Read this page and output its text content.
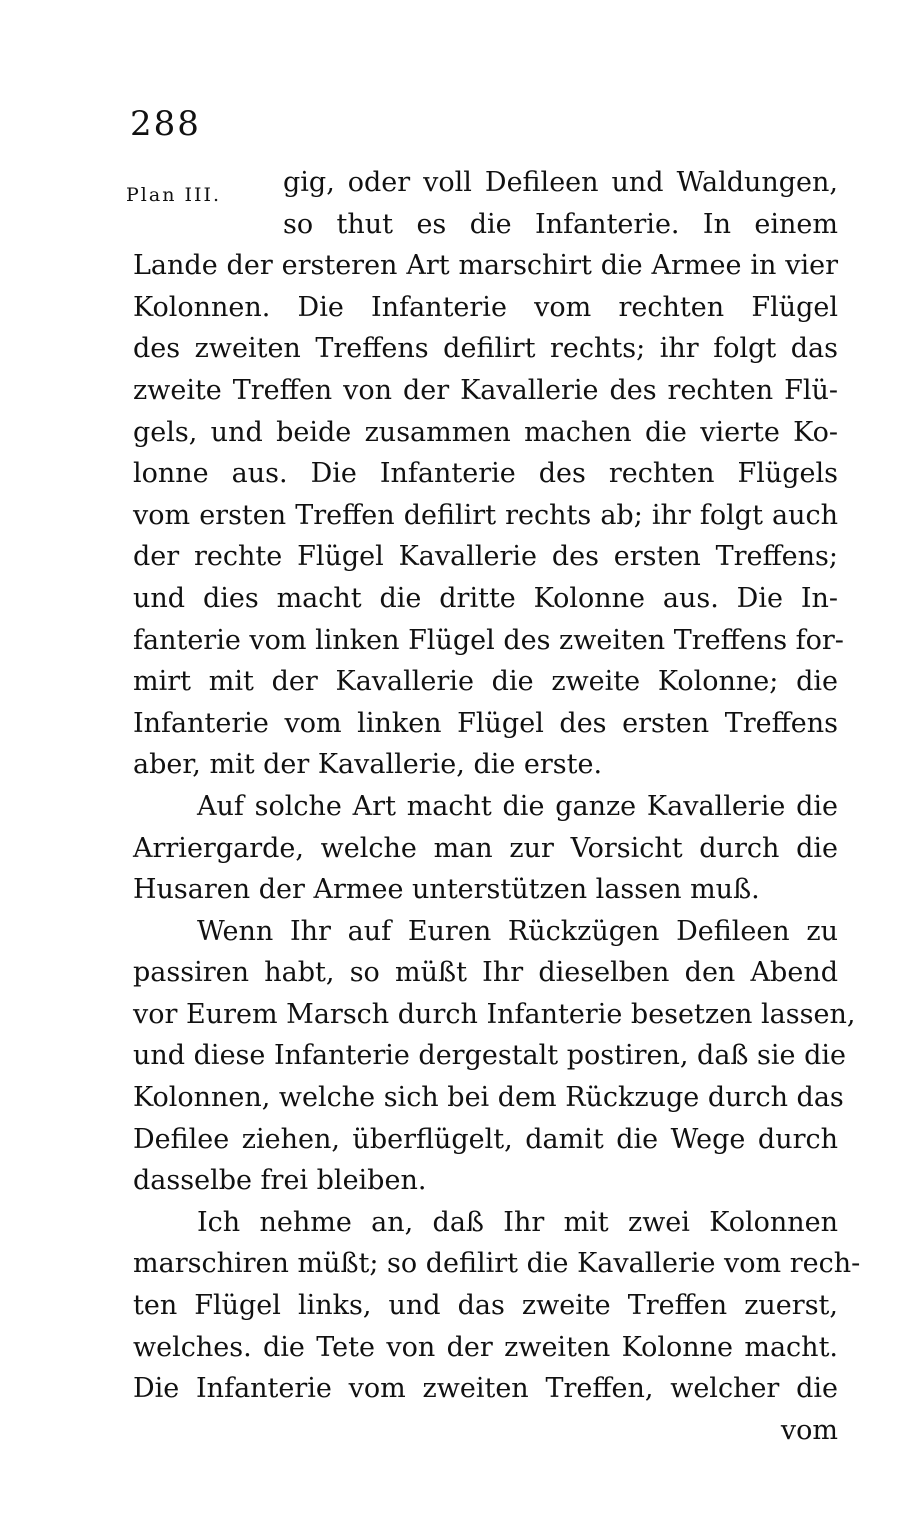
288
Plan III.	gig, oder voll Defileen und Waldungen,
so thut es die Infanterie. In einem
Lande der ersteren Art marschirt die Armee in vier
Kolonnen. Die Infanterie vom rechten Flügel
des zweiten Treffens defilirt rechts; ihr folgt das
zweite Treffen von der Kavallerie des rechten Flü-
gels, und beide zusammen machen die vierte Ko-
lonne aus. Die Infanterie des rechten Flügels
vom ersten Treffen defilirt rechts ab; ihr folgt auch
der rechte Flügel Kavallerie des ersten Treffens;
und dies macht die dritte Kolonne aus. Die In-
fanterie vom linken Flügel des zweiten Treffens for-
mirt mit der Kavallerie die zweite Kolonne; die
Infanterie vom linken Flügel des ersten Treffens
aber, mit der Kavallerie, die erste.
Auf solche Art macht die ganze Kavallerie die
Arriergarde, welche man zur Vorsicht durch die
Husaren der Armee unterstützen lassen muß.
Wenn Ihr auf Euren Rückzügen Defileen zu
passiren habt, so müßt Ihr dieselben den Abend
vor Eurem Marsch durch Infanterie besetzen lassen,
und diese Infanterie dergestalt postiren, daß sie die
Kolonnen, welche sich bei dem Rückzuge durch das
Defilee ziehen, überflügelt, damit die Wege durch
dasselbe frei bleiben.
Ich nehme an, daß Ihr mit zwei Kolonnen
marschiren müßt; so defilirt die Kavallerie vom rech-
ten Flügel links, und das zweite Treffen zuerst,
welches. die Tete von der zweiten Kolonne macht.
Die Infanterie vom zweiten Treffen, welcher die
vom
